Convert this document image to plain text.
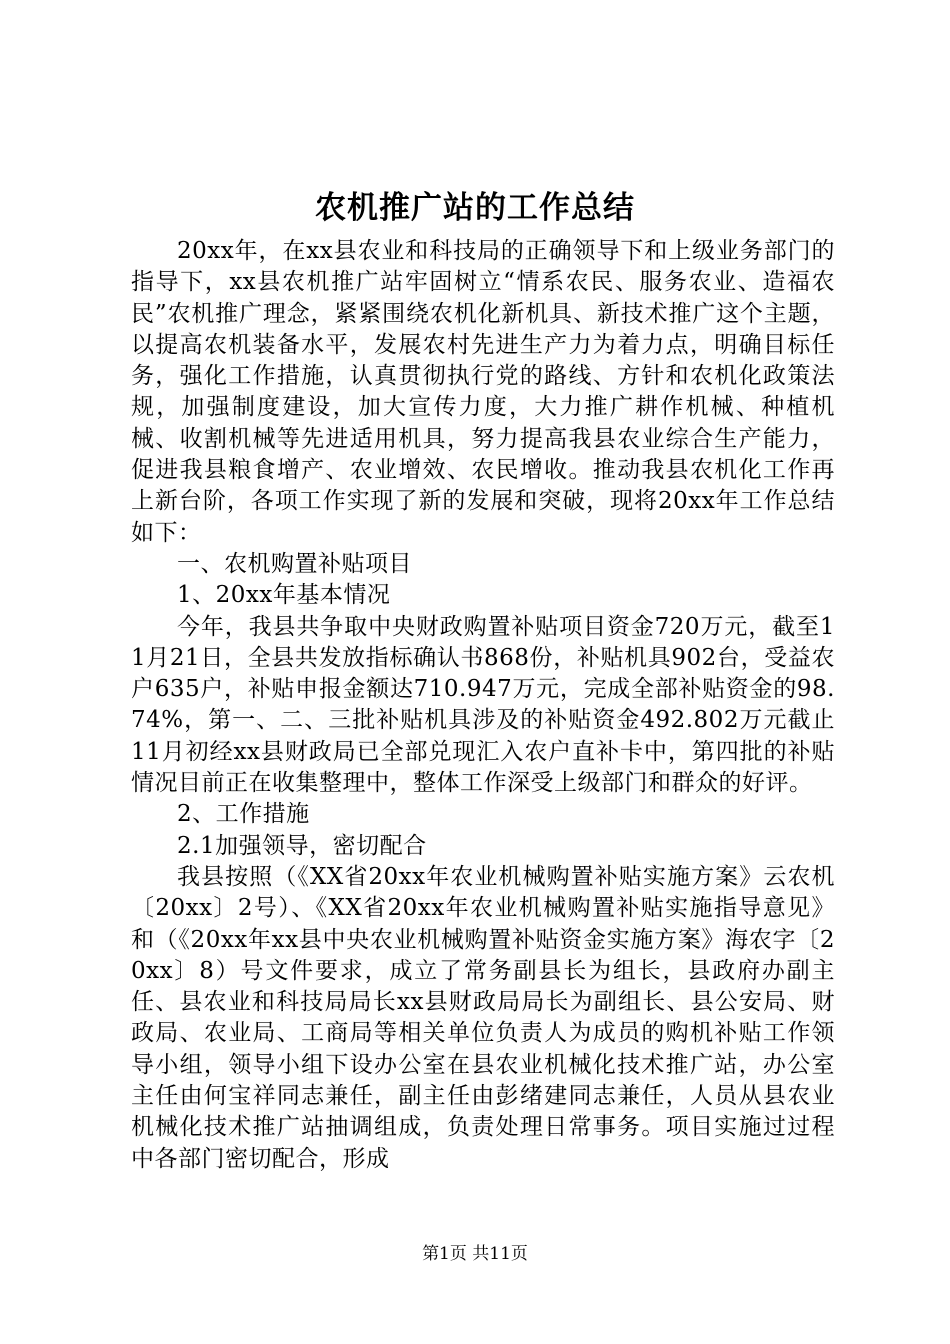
农机推广站的工作总结

20xx年，在xx县农业和科技局的正确领导下和上级业务部门的指导下，xx县农机推广站牢固树立“情系农民、服务农业、造福农民”农机推广理念，紧紧围绕农机化新机具、新技术推广这个主题，以提高农机装备水平，发展农村先进生产力为着力点，明确目标任务，强化工作措施，认真贯彻执行党的路线、方针和农机化政策法规，加强制度建设，加大宣传力度，大力推广耕作机械、种植机械、收割机械等先进适用机具，努力提高我县农业综合生产能力，促进我县粮食增产、农业增效、农民增收。推动我县农机化工作再上新台阶，各项工作实现了新的发展和突破，现将20xx年工作总结如下：

一、农机购置补贴项目

1、20xx年基本情况

今年，我县共争取中央财政购置补贴项目资金720万元，截至11月21日，全县共发放指标确认书868份，补贴机具902台，受益农户635户，补贴申报金额达710.947万元，完成全部补贴资金的98.74%，第一、二、三批补贴机具涉及的补贴资金492.802万元截止11月初经xx县财政局已全部兑现汇入农户直补卡中，第四批的补贴情况目前正在收集整理中，整体工作深受上级部门和群众的好评。

2、工作措施

2.1加强领导，密切配合

我县按照（《XX省20xx年农业机械购置补贴实施方案》云农机〔20xx〕2号）、《XX省20xx年农业机械购置补贴实施指导意见》和（《20xx年xx县中央农业机械购置补贴资金实施方案》海农字〔20xx〕8）号文件要求，成立了常务副县长为组长，县政府办副主任、县农业和科技局局长xx县财政局局长为副组长、县公安局、财政局、农业局、工商局等相关单位负责人为成员的购机补贴工作领导小组，领导小组下设办公室在县农业机械化技术推广站，办公室主任由何宝祥同志兼任，副主任由彭绪建同志兼任，人员从县农业机械化技术推广站抽调组成，负责处理日常事务。项目实施过过程中各部门密切配合，形成

第1页 共11页
